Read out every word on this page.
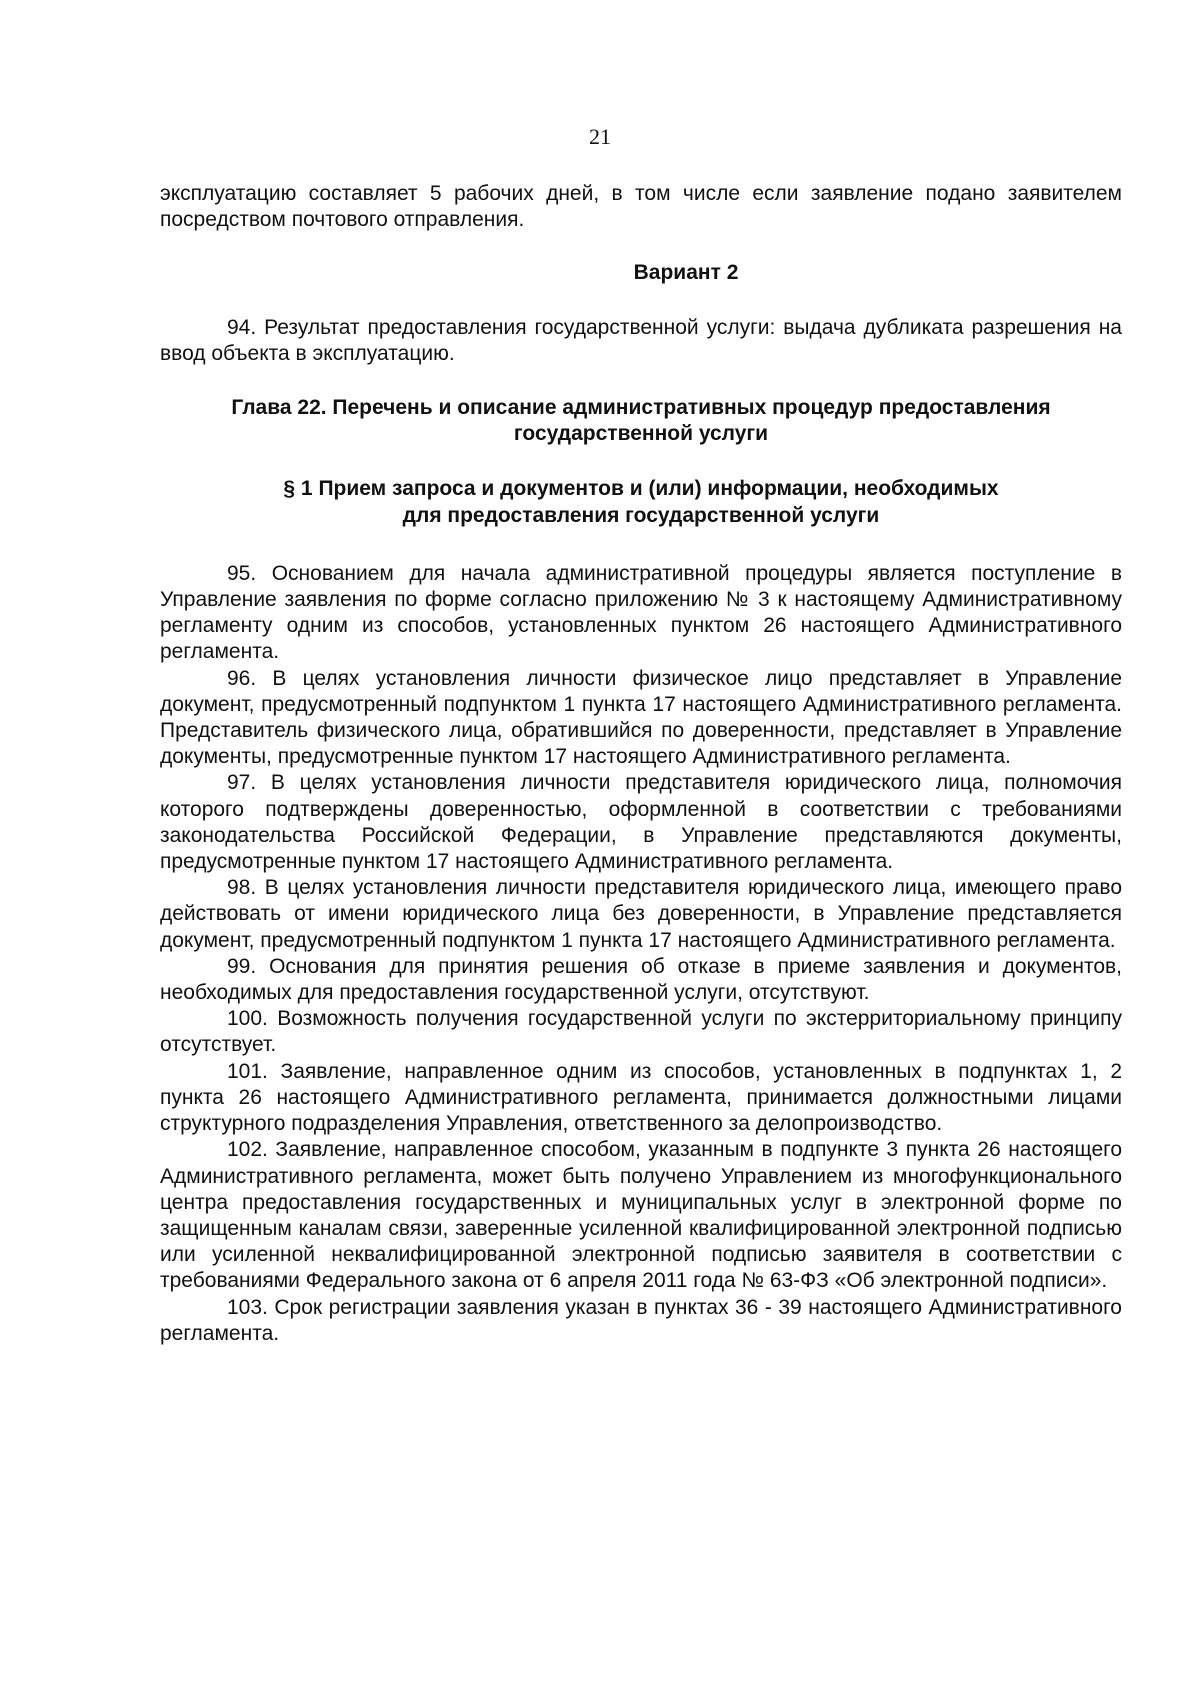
21

эксплуатацию составляет 5 рабочих дней, в том числе если заявление подано заявителем посредством почтового отправления.

Вариант 2

94. Результат предоставления государственной услуги: выдача дубликата разрешения на ввод объекта в эксплуатацию.

Глава 22. Перечень и описание административных процедур предоставления
государственной услуги
§ 1 Прием запроса и документов и (или) информации, необходимых
для предоставления государственной услуги

95. Основанием для начала административной процедуры является поступление в Управление заявления по форме согласно приложению № 3 к настоящему Административному регламенту одним из способов, установленных пунктом 26 настоящего Административного регламента.

96. В целях установления личности физическое лицо представляет в Управление документ, предусмотренный подпунктом 1 пункта 17 настоящего Административного регламента. Представитель физического лица, обратившийся по доверенности, представляет в Управление документы, предусмотренные пунктом 17 настоящего Административного регламента.

97. В целях установления личности представителя юридического лица, полномочия которого подтверждены доверенностью, оформленной в соответствии с требованиями законодательства Российской Федерации, в Управление представляются документы, предусмотренные пунктом 17 настоящего Административного регламента.

98. В целях установления личности представителя юридического лица, имеющего право действовать от имени юридического лица без доверенности, в Управление представляется документ, предусмотренный подпунктом 1 пункта 17 настоящего Административного регламента.

99. Основания для принятия решения об отказе в приеме заявления и документов, необходимых для предоставления государственной услуги, отсутствуют.

100. Возможность получения государственной услуги по экстерриториальному принципу отсутствует.

101. Заявление, направленное одним из способов, установленных в подпунктах 1, 2 пункта 26 настоящего Административного регламента, принимается должностными лицами структурного подразделения Управления, ответственного за делопроизводство.

102. Заявление, направленное способом, указанным в подпункте 3 пункта 26 настоящего Административного регламента, может быть получено Управлением из многофункционального центра предоставления государственных и муниципальных услуг в электронной форме по защищенным каналам связи, заверенные усиленной квалифицированной электронной подписью или усиленной неквалифицированной электронной подписью заявителя в соответствии с требованиями Федерального закона от 6 апреля 2011 года № 63-ФЗ «Об электронной подписи».

103. Срок регистрации заявления указан в пунктах 36 - 39 настоящего Административного регламента.
